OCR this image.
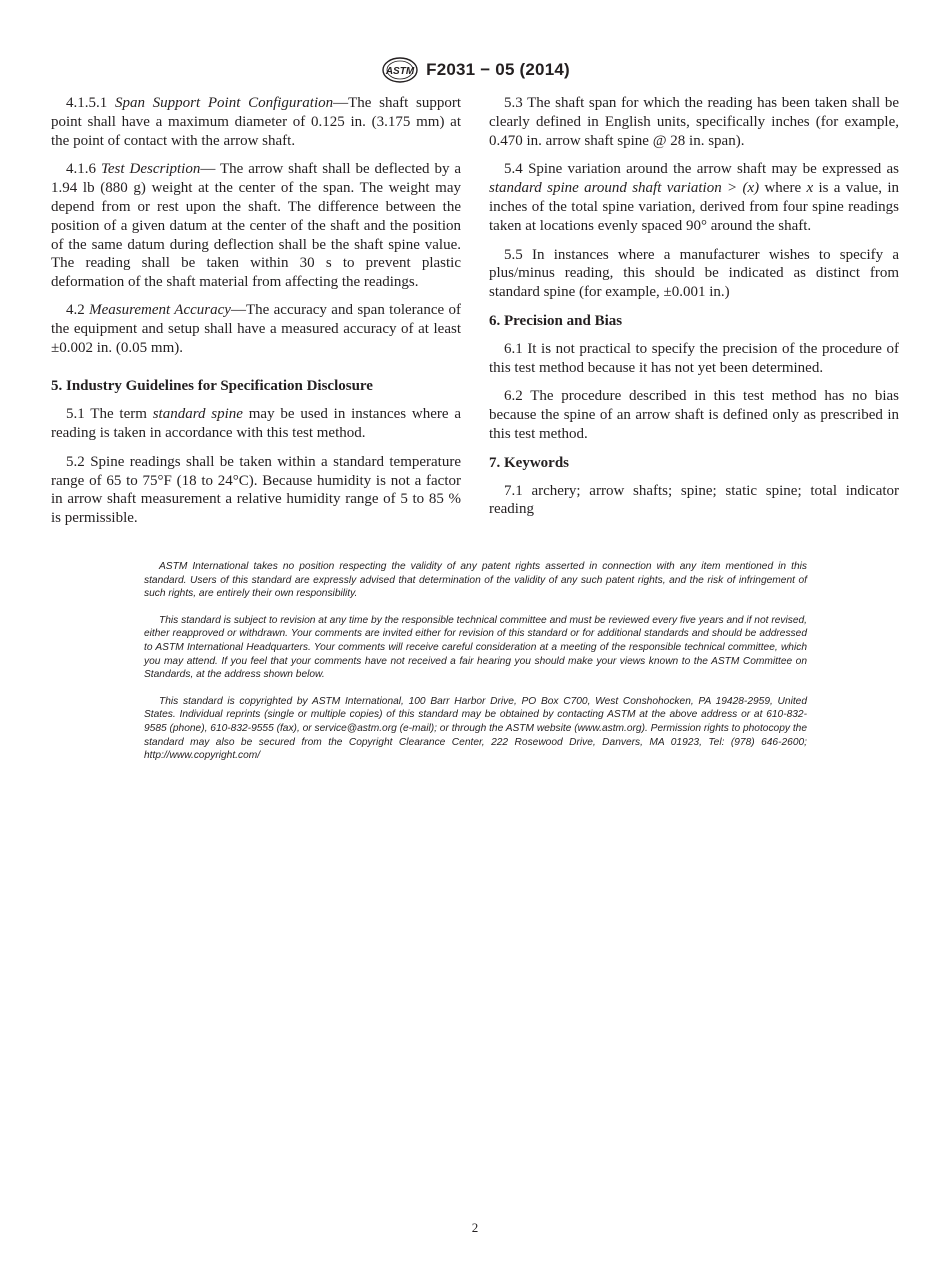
ASTM F2031 − 05 (2014)

4.1.5.1 Span Support Point Configuration—The shaft support point shall have a maximum diameter of 0.125 in. (3.175 mm) at the point of contact with the arrow shaft.

4.1.6 Test Description— The arrow shaft shall be deflected by a 1.94 lb (880 g) weight at the center of the span. The weight may depend from or rest upon the shaft. The difference between the position of a given datum at the center of the shaft and the position of the same datum during deflection shall be the shaft spine value. The reading shall be taken within 30 s to prevent plastic deformation of the shaft material from affecting the readings.

4.2 Measurement Accuracy—The accuracy and span tolerance of the equipment and setup shall have a measured accuracy of at least ±0.002 in. (0.05 mm).

5. Industry Guidelines for Specification Disclosure

5.1 The term standard spine may be used in instances where a reading is taken in accordance with this test method.

5.2 Spine readings shall be taken within a standard temperature range of 65 to 75°F (18 to 24°C). Because humidity is not a factor in arrow shaft measurement a relative humidity range of 5 to 85 % is permissible.

5.3 The shaft span for which the reading has been taken shall be clearly defined in English units, specifically inches (for example, 0.470 in. arrow shaft spine @ 28 in. span).

5.4 Spine variation around the arrow shaft may be expressed as standard spine around shaft variation > (x) where x is a value, in inches of the total spine variation, derived from four spine readings taken at locations evenly spaced 90° around the shaft.

5.5 In instances where a manufacturer wishes to specify a plus/minus reading, this should be indicated as distinct from standard spine (for example, ±0.001 in.)

6. Precision and Bias

6.1 It is not practical to specify the precision of the procedure of this test method because it has not yet been determined.

6.2 The procedure described in this test method has no bias because the spine of an arrow shaft is defined only as prescribed in this test method.

7. Keywords

7.1 archery; arrow shafts; spine; static spine; total indicator reading

ASTM International takes no position respecting the validity of any patent rights asserted in connection with any item mentioned in this standard. Users of this standard are expressly advised that determination of the validity of any such patent rights, and the risk of infringement of such rights, are entirely their own responsibility.

This standard is subject to revision at any time by the responsible technical committee and must be reviewed every five years and if not revised, either reapproved or withdrawn. Your comments are invited either for revision of this standard or for additional standards and should be addressed to ASTM International Headquarters. Your comments will receive careful consideration at a meeting of the responsible technical committee, which you may attend. If you feel that your comments have not received a fair hearing you should make your views known to the ASTM Committee on Standards, at the address shown below.

This standard is copyrighted by ASTM International, 100 Barr Harbor Drive, PO Box C700, West Conshohocken, PA 19428-2959, United States. Individual reprints (single or multiple copies) of this standard may be obtained by contacting ASTM at the above address or at 610-832-9585 (phone), 610-832-9555 (fax), or service@astm.org (e-mail); or through the ASTM website (www.astm.org). Permission rights to photocopy the standard may also be secured from the Copyright Clearance Center, 222 Rosewood Drive, Danvers, MA 01923, Tel: (978) 646-2600; http://www.copyright.com/

2
